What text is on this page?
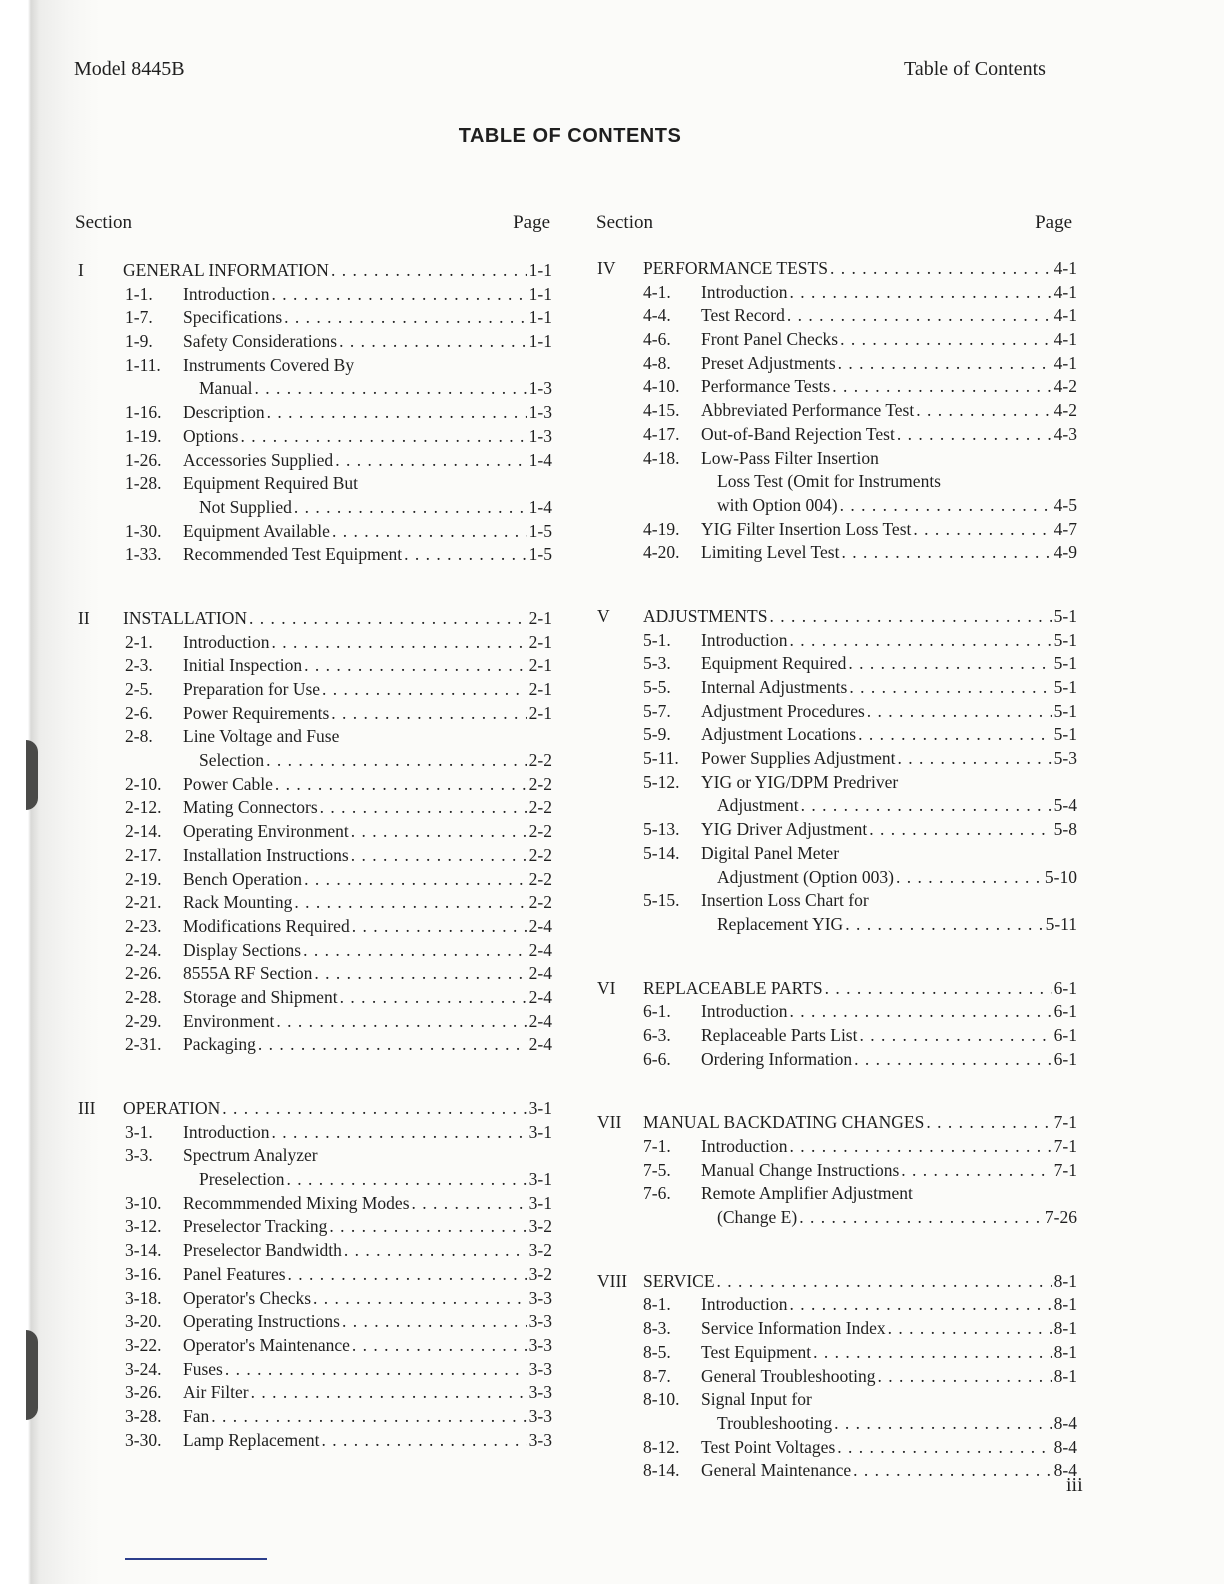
Model 8445B	Table of Contents
TABLE OF CONTENTS
Section	Page Section	Page
I GENERAL INFORMATION . . .	1-1
1-1. Introduction . . .	1-1
1-7. Specifications . . .	1-1
1-9. Safety Considerations . . .	1-1
1-11. Instruments Covered By
Manual . . .	1-3
1-16. Description . . .	1-3
1-19. Options . . .	1-3
1-26. Accessories Supplied . . .	1-4
1-28. Equipment Required But
Not Supplied . . .	1-4
1-30. Equipment Available . . .	1-5
1-33. Recommended Test Equipment . . .	1-5
II INSTALLATION . . .	2-1
2-1. Introduction . . .	2-1
2-3. Initial Inspection . . .	2-1
2-5. Preparation for Use . . .	2-1
2-6. Power Requirements . . .	2-1
2-8. Line Voltage and Fuse
Selection . . .	2-2
2-10. Power Cable . . .	2-2
2-12. Mating Connectors . . .	2-2
2-14. Operating Environment . . .	2-2
2-17. Installation Instructions . . .	2-2
2-19. Bench Operation . . .	2-2
2-21. Rack Mounting . . .	2-2
2-23. Modifications Required . . .	2-4
2-24. Display Sections . . .	2-4
2-26. 8555A RF Section . . .	2-4
2-28. Storage and Shipment . . .	2-4
2-29. Environment . . .	2-4
2-31. Packaging . . .	2-4
III OPERATION . . .	3-1
3-1. Introduction . . .	3-1
3-3. Spectrum Analyzer
Preselection . . .	3-1
3-10. Recommmended Mixing Modes . . .	3-1
3-12. Preselector Tracking . . .	3-2
3-14. Preselector Bandwidth . . .	3-2
3-16. Panel Features . . .	3-2
3-18. Operator's Checks . . .	3-3
3-20. Operating Instructions . . .	3-3
3-22. Operator's Maintenance . . .	3-3
3-24. Fuses . . .	3-3
3-26. Air Filter . . .	3-3
3-28. Fan . . .	3-3
3-30. Lamp Replacement . . .	3-3
IV PERFORMANCE TESTS . . .	4-1
4-1. Introduction . . .	4-1
4-4. Test Record . . .	4-1
4-6. Front Panel Checks . . .	4-1
4-8. Preset Adjustments . . .	4-1
4-10. Performance Tests . . .	4-2
4-15. Abbreviated Performance Test . . .	4-2
4-17. Out-of-Band Rejection Test . . .	4-3
4-18. Low-Pass Filter Insertion
Loss Test (Omit for Instruments
with Option 004) . . .	4-5
4-19. YIG Filter Insertion Loss Test . . .	4-7
4-20. Limiting Level Test . . .	4-9
V ADJUSTMENTS . . .	5-1
5-1. Introduction . . .	5-1
5-3. Equipment Required . . .	5-1
5-5. Internal Adjustments . . .	5-1
5-7. Adjustment Procedures . . .	5-1
5-9. Adjustment Locations . . .	5-1
5-11. Power Supplies Adjustment . . .	5-3
5-12. YIG or YIG/DPM Predriver
Adjustment . . .	5-4
5-13. YIG Driver Adjustment . . .	5-8
5-14. Digital Panel Meter
Adjustment (Option 003) . . .	5-10
5-15. Insertion Loss Chart for
Replacement YIG . . .	5-11
VI REPLACEABLE PARTS . . .	6-1
6-1. Introduction . . .	6-1
6-3. Replaceable Parts List . . .	6-1
6-6. Ordering Information . . .	6-1
VII MANUAL BACKDATING CHANGES . . .	7-1
7-1. Introduction . . .	7-1
7-5. Manual Change Instructions . . .	7-1
7-6. Remote Amplifier Adjustment
(Change E) . . .	7-26
VIII SERVICE . . .	8-1
8-1. Introduction . . .	8-1
8-3. Service Information Index . . .	8-1
8-5. Test Equipment . . .	8-1
8-7. General Troubleshooting . . .	8-1
8-10. Signal Input for
Troubleshooting . . .	8-4
8-12. Test Point Voltages . . .	8-4
8-14. General Maintenance . . .	8-4
iii
